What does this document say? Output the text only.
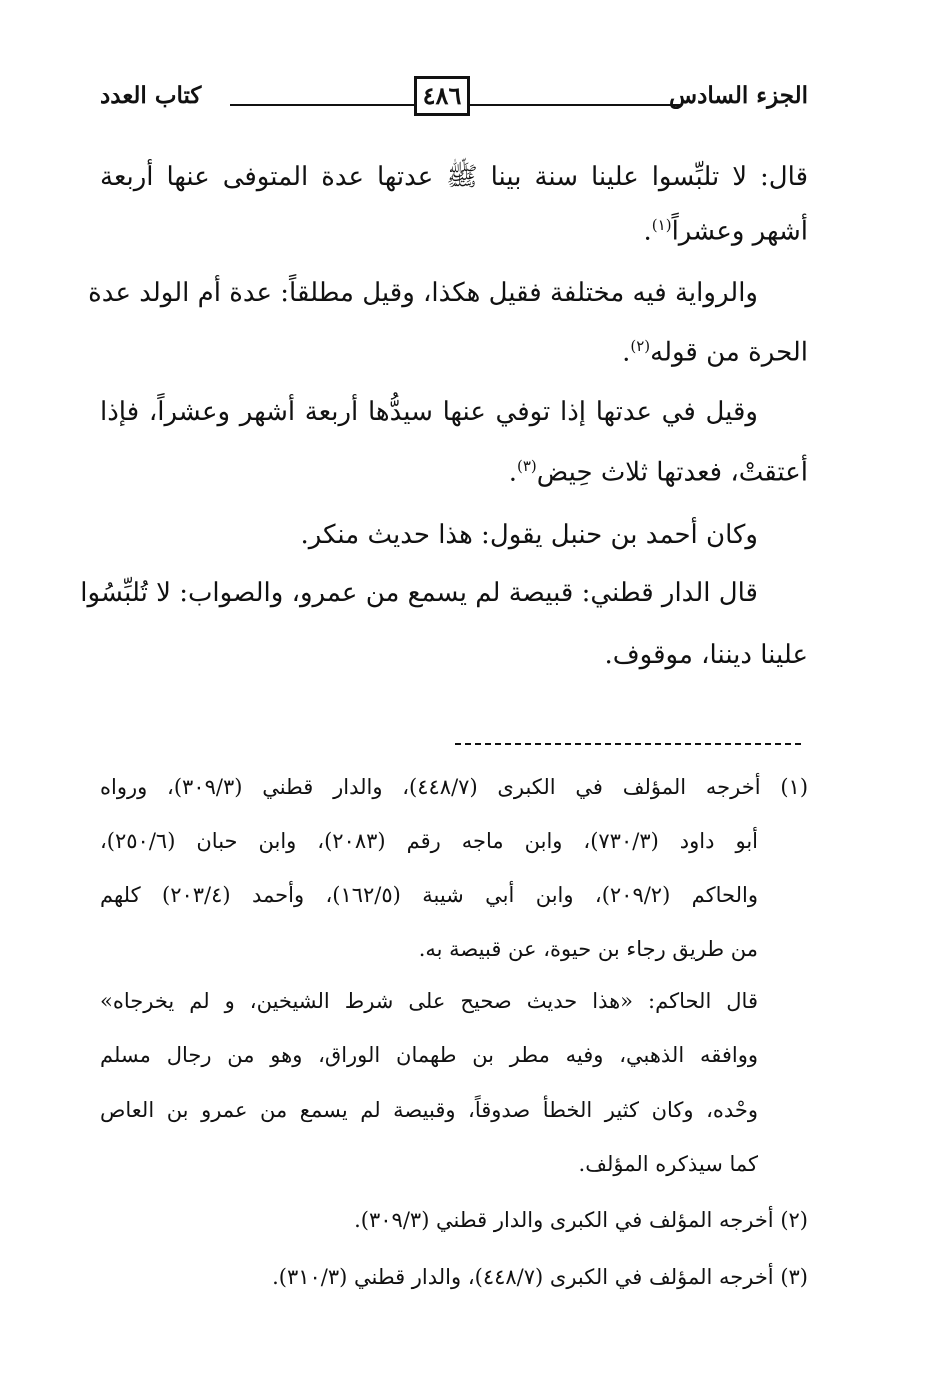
الجزء السادس
٤٨٦
كتاب العدد
قال: لا تلبِّسوا علينا سنة بينا ﷺ عدتها عدة المتوفى عنها أربعة
أشهر وعشراً$^{(١)}$.
والرواية فيه مختلفة فقيل هكذا، وقيل مطلقاً: عدة أم الولد عدة
الحرة من قوله$^{(٢)}$.
وقيل في عدتها إذا توفي عنها سيدُّها أربعة أشهر وعشراً، فإذا
أعتقتْ، فعدتها ثلاث حِيض$^{(٣)}$.
وكان أحمد بن حنبل يقول: هذا حديث منكر.
قال الدار قطني: قبيصة لم يسمع من عمرو، والصواب: لا تُلبِّسُوا
علينا ديننا، موقوف.
(١) أخرجه المؤلف في الكبرى (٤٤٨/٧)، والدار قطني (٣٠٩/٣)، ورواه
أبو داود (٧٣٠/٣)، وابن ماجه رقم (٢٠٨٣)، وابن حبان (٢٥٠/٦)،
والحاكم (٢٠٩/٢)، وابن أبي شيبة (١٦٢/٥)، وأحمد (٢٠٣/٤) كلهم
من طريق رجاء بن حيوة، عن قبيصة به.
قال الحاكم: «هذا حديث صحيح على شرط الشيخين، و لم يخرجاه»
ووافقه الذهبي، وفيه مطر بن طهمان الوراق، وهو من رجال مسلم
وحْده، وكان كثير الخطأ صدوقاً، وقبيصة لم يسمع من عمرو بن العاص
كما سيذكره المؤلف.
(٢) أخرجه المؤلف في الكبرى والدار قطني (٣٠٩/٣).
(٣) أخرجه المؤلف في الكبرى (٤٤٨/٧)، والدار قطني (٣١٠/٣).
